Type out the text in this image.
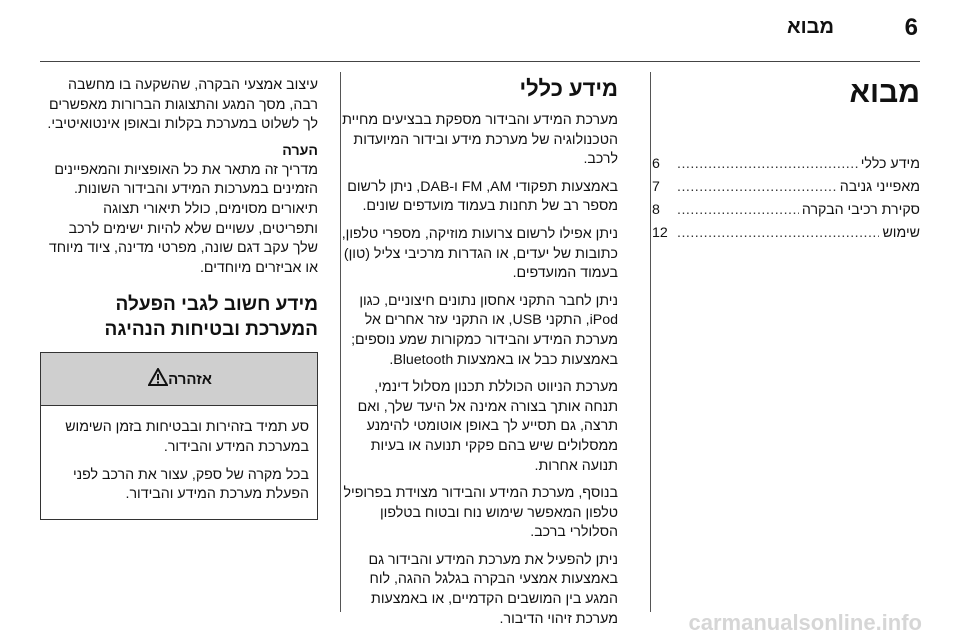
6
מבוא
מבוא
מידע כללי
.....
6
מאפייני גניבה
.....
7
סקירת רכיבי הבקרה
.....
8
שימוש
.....
12
מידע כללי

מערכת המידע והבידור מספקת בבציעים מחיית הטכנולוגיה של מערכת מידע ובידור המיועדות לרכב.

באמצעות תפקודי FM ,AM ו-DAB, ניתן לרשום מספר רב של תחנות בעמוד מועדפים שונים.

ניתן אפילו לרשום צרועות מוזיקה, מספרי טלפון, כתובות של יעדים, או הגדרות מרכיבי צליל (טון) בעמוד המועדפים.

ניתן לחבר התקני אחסון נתונים חיצוניים, כגון iPod, התקני USB, או התקני עזר אחרים אל מערכת המידע והבידור כמקורות שמע נוספים; באמצעות כבל או באמצעות Bluetooth.

מערכת הניווט הכוללת תכנון מסלול דינמי, תנחה אותך בצורה אמינה אל היעד שלך, ואם תרצה, גם תסייע לך באופן אוטומטי להימנע ממסלולים שיש בהם פקקי תנועה או בעיות תנועה אחרות.

בנוסף, מערכת המידע והבידור מצוידת בפרופיל טלפון המאפשר שימוש נוח ובטוח בטלפון הסלולרי ברכב.

ניתן להפעיל את מערכת המידע והבידור גם באמצעות אמצעי הבקרה בגלגל ההגה, לוח המגע בין המושבים הקדמיים, או באמצעות מערכת זיהוי הדיבור.

עיצוב אמצעי הבקרה, שהשקעה בו מחשבה רבה, מסך המגע והתצוגות הברורות מאפשרים לך לשלוט במערכת בקלות ובאופן אינטואיטיבי.

הערה

מדריך זה מתאר את כל האופציות והמאפיינים הזמינים במערכות המידע והבידור השונות. תיאורים מסוימים, כולל תיאורי תצוגה ותפריטים, עשויים שלא להיות ישימים לרכב שלך עקב דגם שונה, מפרטי מדינה, ציוד מיוחד או אביזרים מיוחדים.

מידע חשוב לגבי הפעלה המערכת ובטיחות הנהיגה
אזהרה

סע תמיד בזהירות ובבטיחות בזמן השימוש במערכת המידע והבידור.

בכל מקרה של ספק, עצור את הרכב לפני הפעלת מערכת המידע והבידור.

carmanualsonline.info
